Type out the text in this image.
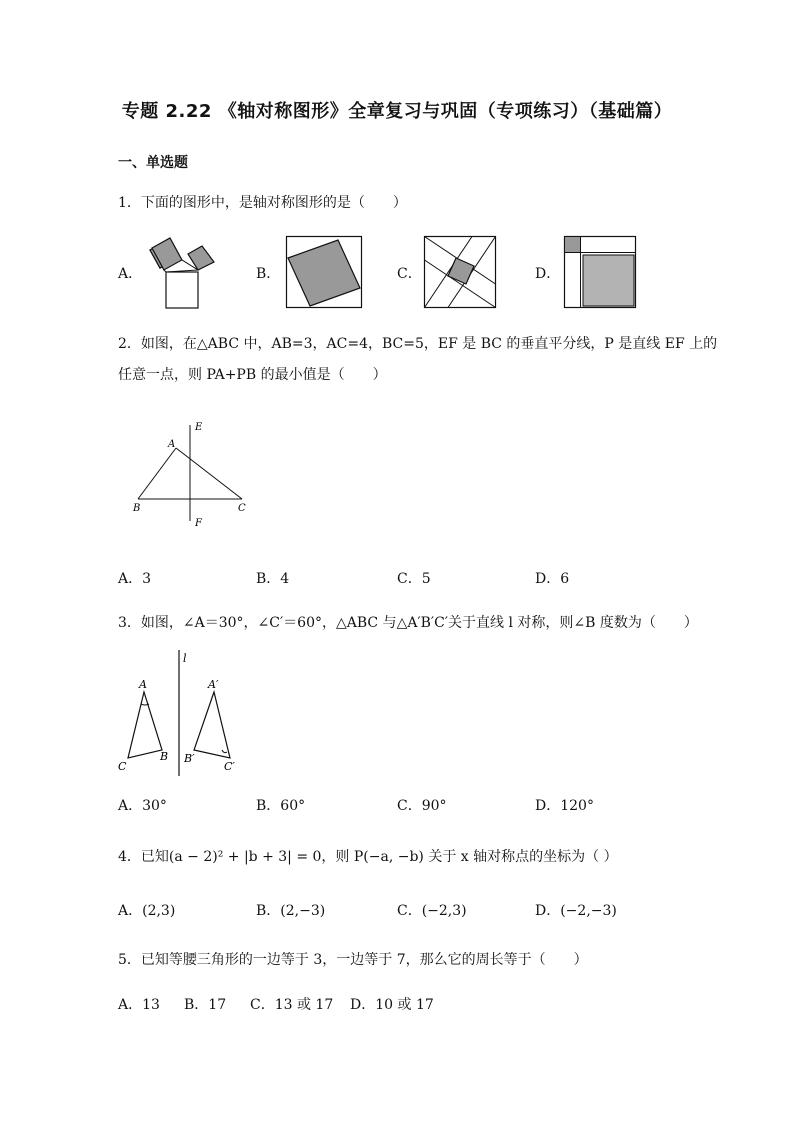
专题 2.22 《轴对称图形》全章复习与巩固（专项练习）（基础篇）
一、单选题
1．下面的图形中，是轴对称图形的是（　　）
A．	B．	C．	D．
2．如图，在△ABC 中，AB=3，AC=4，BC=5，EF 是 BC 的垂直平分线，P 是直线 EF 上的
任意一点，则 PA+PB 的最小值是（　　）
A
B	C
E
F
A．3	B．4	C．5	D．6
3．如图，∠A＝30°，∠C′＝60°，△ABC 与△A′B′C′关于直线 l 对称，则∠B 度数为（　　）
l
A
B
C
A′
B′
C′
A．30°	B．60°	C．90°	D．120°
4．已知(a − 2)² + |b + 3| = 0，则 P(−a, −b) 关于 x 轴对称点的坐标为（ ）
A．(2,3)	B．(2,−3)	C．(−2,3)	D．(−2,−3)
5．已知等腰三角形的一边等于 3，一边等于 7，那么它的周长等于（　　）
A．13 B．17 C．13 或 17 D．10 或 17
